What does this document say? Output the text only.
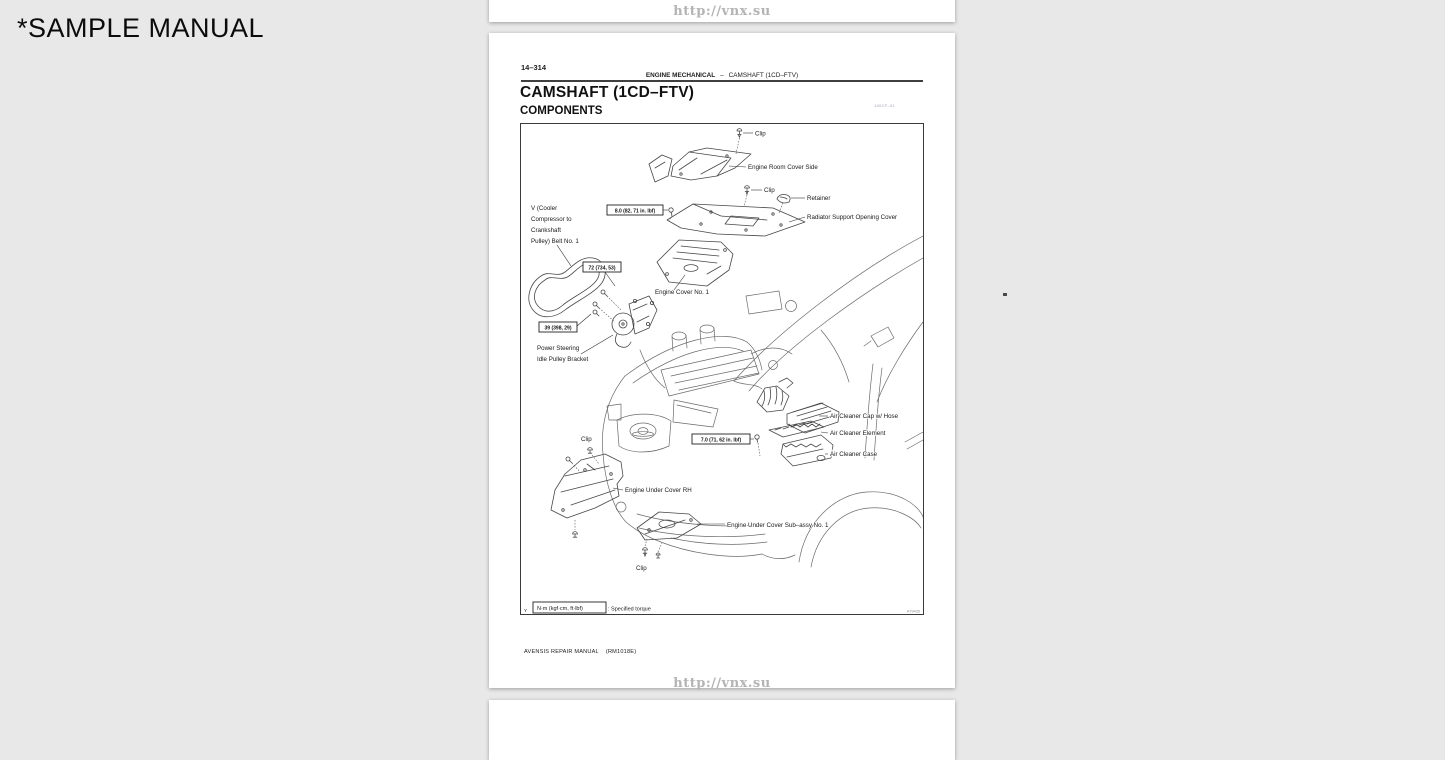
*SAMPLE MANUAL
http://vnx.su
14–314
ENGINE MECHANICAL – CAMSHAFT (1CD–FTV)
CAMSHAFT (1CD–FTV)
140CF–01
COMPONENTS
8.0 (82, 71 in. lbf)
72 (734, 53)
39 (398, 29)
7.0 (71, 62 in. lbf)
Clip
Engine Room Cover Side
Clip
Retainer
Radiator Support Opening Cover
V (Cooler
Compressor to
Crankshaft
Pulley) Belt No. 1
Engine Cover No. 1
Power Steering
Idle Pulley Bracket
Air Cleaner Cap w/ Hose
Air Cleaner Element
Air Cleaner Case
Clip
Engine Under Cover RH
Engine Under Cover Sub–assy No. 1
Clip
Y N·m (kgf·cm, ft·lbf)	: Specified torque	A79426
AVENSIS REPAIR MANUAL (RM1018E)
http://vnx.su
